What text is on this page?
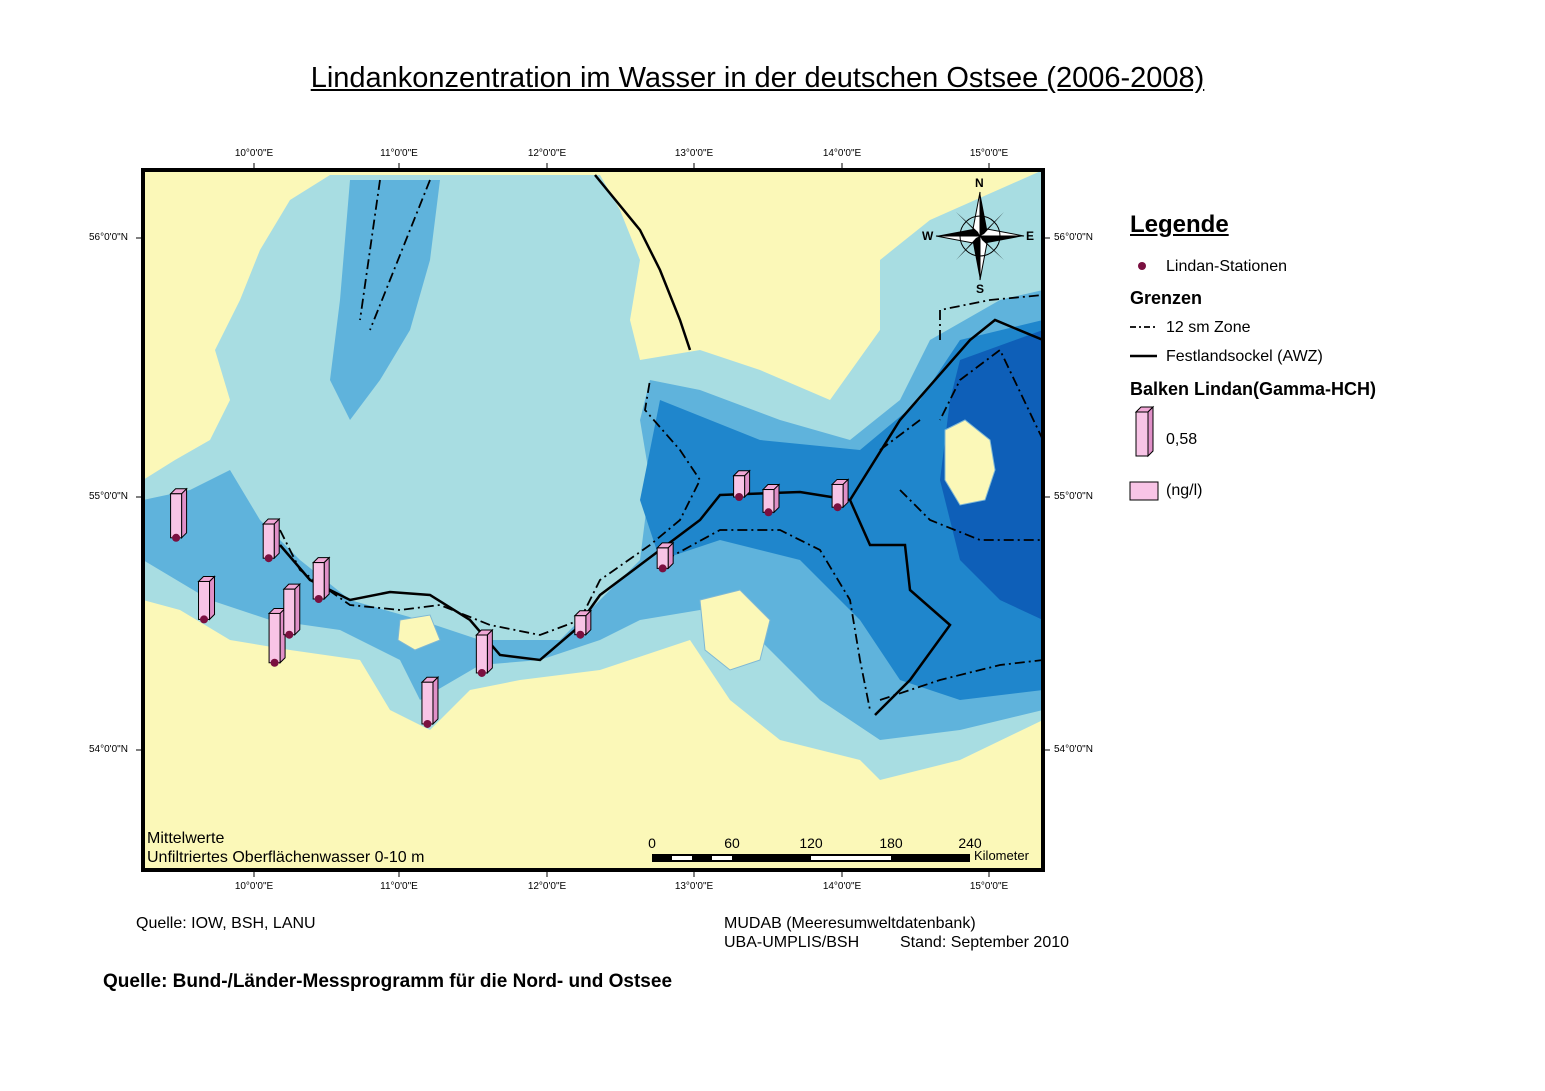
Lindankonzentration im Wasser in der deutschen Ostsee (2006-2008)
10°0'0"E	11°0'0"E	12°0'0"E	13°0'0"E	14°0'0"E	15°0'0"E
10°0'0"E	11°0'0"E	12°0'0"E	13°0'0"E	14°0'0"E	15°0'0"E
56°0'0"N
55°0'0"N
54°0'0"N
56°0'0"N
55°0'0"N
54°0'0"N
N
S
E
W
Mittelwerte
Unfiltriertes Oberflächenwasser 0-10 m
0	60	120	180	240
Kilometer
Legende
Lindan-Stationen
Grenzen
12 sm Zone
Festlandsockel (AWZ)
Balken Lindan(Gamma-HCH)
0,58
(ng/l)
Quelle: IOW, BSH, LANU	MUDAB (Meeresumweltdatenbank)
UBA-UMPLIS/BSH	Stand: September 2010
Quelle: Bund-/Länder-Messprogramm für die Nord- und Ostsee
